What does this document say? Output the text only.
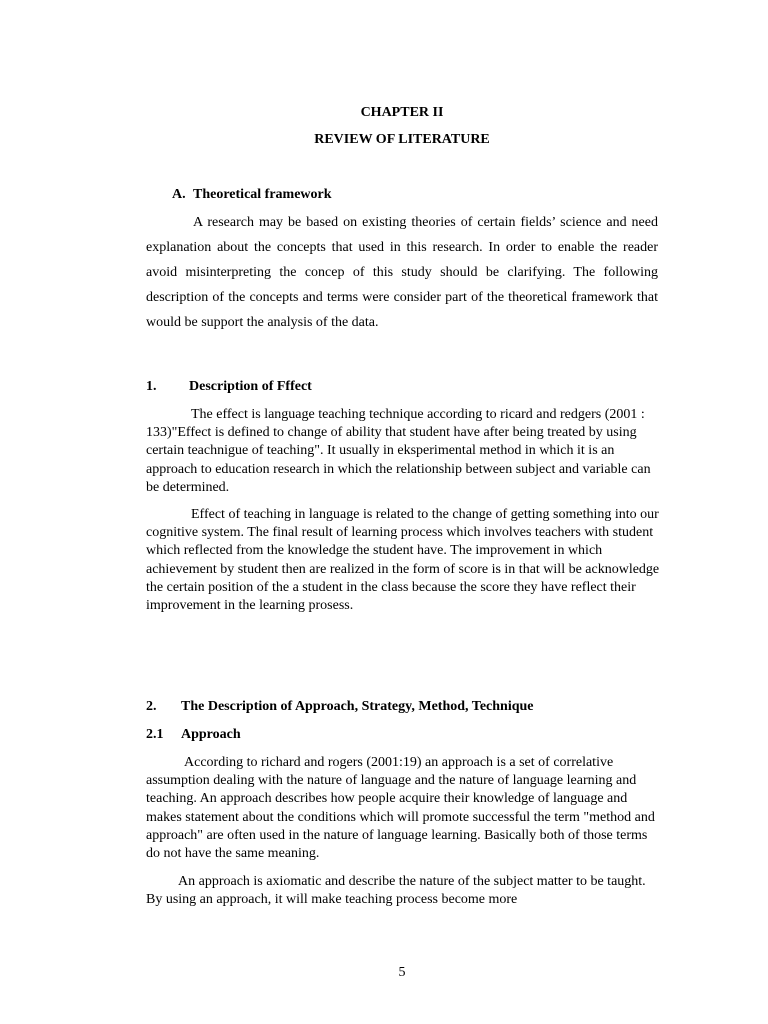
CHAPTER II
REVIEW OF LITERATURE
A. Theoretical framework

A research may be based on existing theories of certain fields’ science and need explanation about the concepts that used in this research. In order to enable the reader avoid misinterpreting the concep of this study should be clarifying. The following description of the concepts and terms were consider part of the theoretical framework that would be support the analysis of the data.

1. Description of Fffect

The effect is language teaching technique according to ricard and redgers (2001 : 133)"Effect is defined to change of ability that student have after being treated by using certain teachnigue of teaching". It usually in eksperimental method in which it is an approach to education research in which the relationship between subject and variable can be determined.

Effect of teaching in language is related to the change of getting something into our cognitive system. The final result of learning process which involves teachers with student which reflected from the knowledge the student have. The improvement in which achievement by student then are realized in the form of score is in that will be acknowledge the certain position of the a student in the class because the score they have reflect their improvement in the learning prosess.

2. The Description of Approach, Strategy, Method, Technique
2.1 Approach

According to richard and rogers (2001:19) an approach is a set of correlative assumption dealing with the nature of language and the nature of language learning and teaching. An approach describes how people acquire their knowledge of language and makes statement about the conditions which will promote successful the term "method and approach" are often used in the nature of language learning. Basically both of those terms do not have the same meaning.

An approach is axiomatic and describe the nature of the subject matter to be taught. By using an approach, it will make teaching process become more

5
